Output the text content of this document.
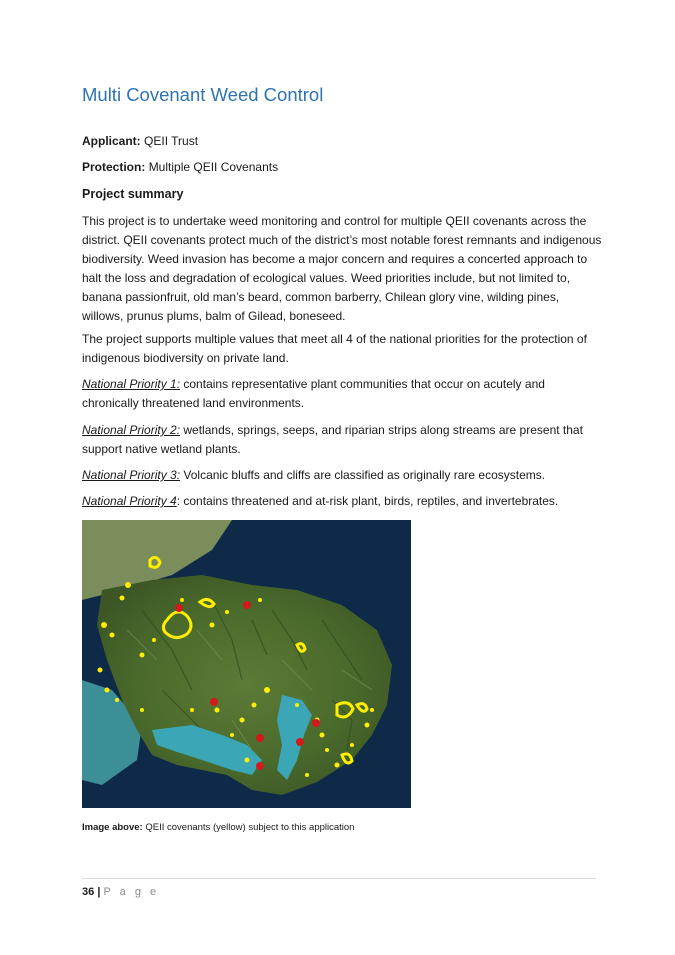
Multi Covenant Weed Control

Applicant: QEII Trust

Protection: Multiple QEII Covenants

Project summary

This project is to undertake weed monitoring and control for multiple QEII covenants across the district. QEII covenants protect much of the district’s most notable forest remnants and indigenous biodiversity. Weed invasion has become a major concern and requires a concerted approach to halt the loss and degradation of ecological values. Weed priorities include, but not limited to, banana passionfruit, old man’s beard, common barberry, Chilean glory vine, wilding pines, willows, prunus plums, balm of Gilead, boneseed.

The project supports multiple values that meet all 4 of the national priorities for the protection of indigenous biodiversity on private land.

National Priority 1: contains representative plant communities that occur on acutely and chronically threatened land environments.

National Priority 2: wetlands, springs, seeps, and riparian strips along streams are present that support native wetland plants.

National Priority 3: Volcanic bluffs and cliffs are classified as originally rare ecosystems.

National Priority 4: contains threatened and at-risk plant, birds, reptiles, and invertebrates.

Image above: QEII covenants (yellow) subject to this application

36 | P a g e
